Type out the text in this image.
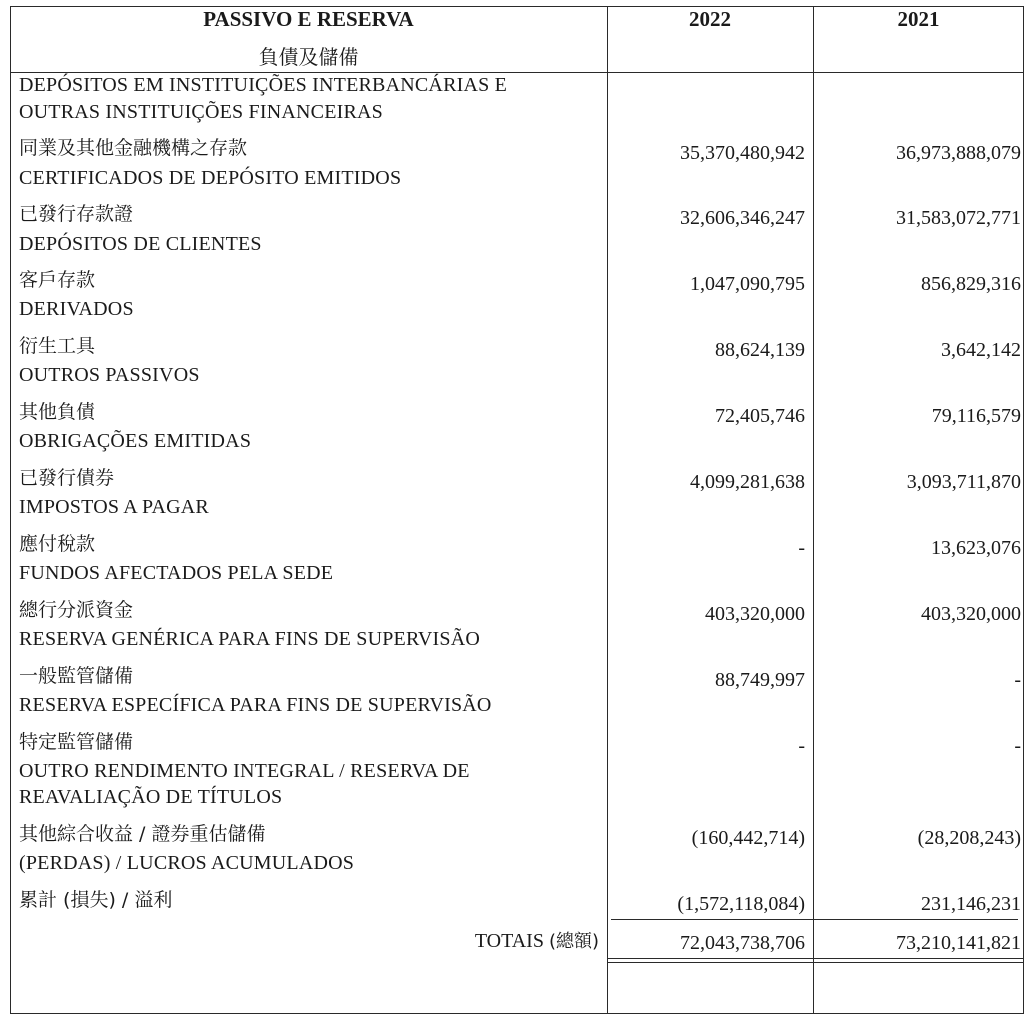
PASSIVO E RESERVA
負債及儲備
2022	2021
DEPÓSITOS EM INSTITUIÇÕES INTERBANCÁRIAS E
OUTRAS INSTITUIÇÕES FINANCEIRAS
同業及其他金融機構之存款	35,370,480,942	36,973,888,079
CERTIFICADOS DE DEPÓSITO EMITIDOS
已發行存款證	32,606,346,247	31,583,072,771
DEPÓSITOS DE CLIENTES
客戶存款	1,047,090,795	856,829,316
DERIVADOS
衍生工具	88,624,139	3,642,142
OUTROS PASSIVOS
其他負債	72,405,746	79,116,579
OBRIGAÇÕES EMITIDAS
已發行債券	4,099,281,638	3,093,711,870
IMPOSTOS A PAGAR
應付稅款	-	13,623,076
FUNDOS AFECTADOS PELA SEDE
總行分派資金	403,320,000	403,320,000
RESERVA GENÉRICA PARA FINS DE SUPERVISÃO
一般監管儲備	88,749,997	-
RESERVA ESPECÍFICA PARA FINS DE SUPERVISÃO
特定監管儲備	-	-
OUTRO RENDIMENTO INTEGRAL / RESERVA DE
REAVALIAÇÃO DE TÍTULOS
其他綜合收益 / 證券重估儲備	(160,442,714)	(28,208,243)
(PERDAS) / LUCROS ACUMULADOS
累計 (損失) / 溢利	(1,572,118,084)	231,146,231
TOTAIS (總額)	72,043,738,706	73,210,141,821
